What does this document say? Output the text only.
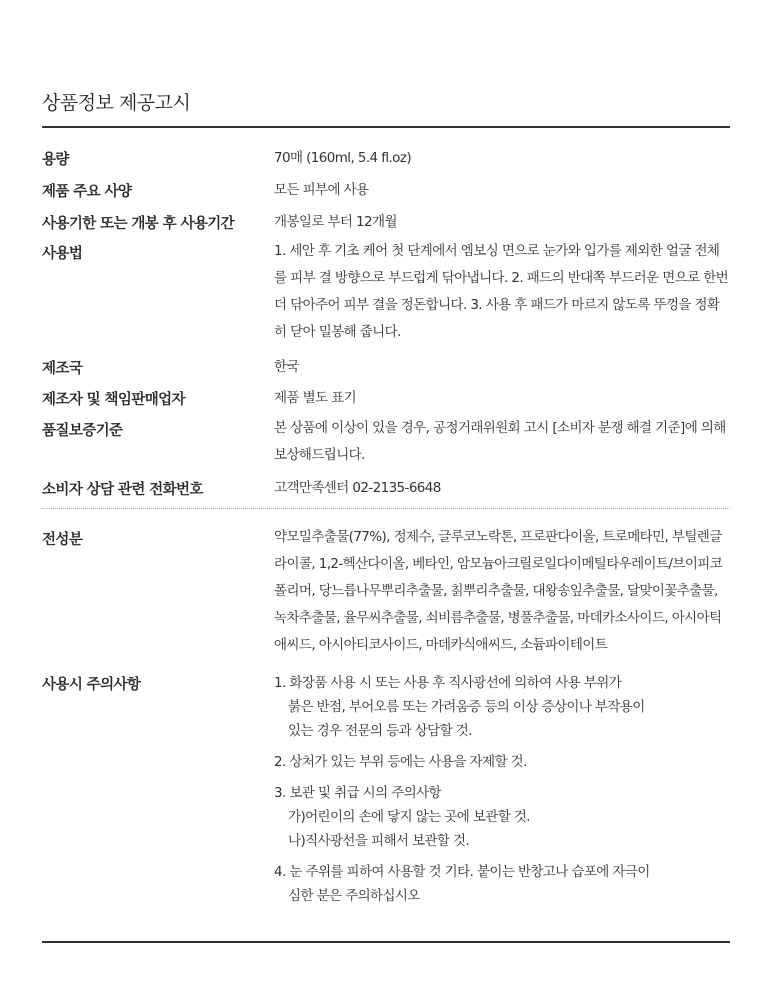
상품정보 제공고시
용량	70매 (160ml, 5.4 fl.oz)
제품 주요 사양	모든 피부에 사용
사용기한 또는 개봉 후 사용기간	개봉일로 부터 12개월
사용법	1. 세안 후 기초 케어 첫 단계에서 엠보싱 면으로 눈가와 입가를 제외한 얼굴 전체를 피부 결 방향으로 부드럽게 닦아냅니다. 2. 패드의 반대쪽 부드러운 면으로 한번 더 닦아주어 피부 결을 정돈합니다. 3. 사용 후 패드가 마르지 않도록 뚜껑을 정확히 닫아 밀봉해 줍니다.
제조국	한국
제조자 및 책임판매업자	제품 별도 표기
품질보증기준	본 상품에 이상이 있을 경우, 공정거래위원회 고시 [소비자 분쟁 해결 기준]에 의해 보상해드립니다.
소비자 상담 관련 전화번호	고객만족센터 02-2135-6648
전성분	약모밀추출물(77%), 정제수, 글루코노락톤, 프로판다이올, 트로메타민, 부틸렌글라이콜, 1,2-헥산다이올, 베타인, 암모늄아크릴로일다이메틸타우레이트/브이피코폴리머, 당느릅나무뿌리추출물, 칡뿌리추출물, 대왕송잎추출물, 달맞이꽃추출물, 녹차추출물, 율무씨추출물, 쇠비름추출물, 병풀추출물, 마데카소사이드, 아시아틱애씨드, 아시아티코사이드, 마데카식애씨드, 소듐파이테이트
사용시 주의사항	1. 화장품 사용 시 또는 사용 후 직사광선에 의하여 사용 부위가

붉은 반점, 부어오름 또는 가려움증 등의 이상 증상이나 부작용이

있는 경우 전문의 등과 상담할 것.

2. 상처가 있는 부위 등에는 사용을 자제할 것.

3. 보관 및 취급 시의 주의사항

가)어린이의 손에 닿지 않는 곳에 보관할 것.

나)직사광선을 피해서 보관할 것.

4. 눈 주위를 피하여 사용할 것 기타. 붙이는 반창고나 습포에 자극이

심한 분은 주의하십시오
